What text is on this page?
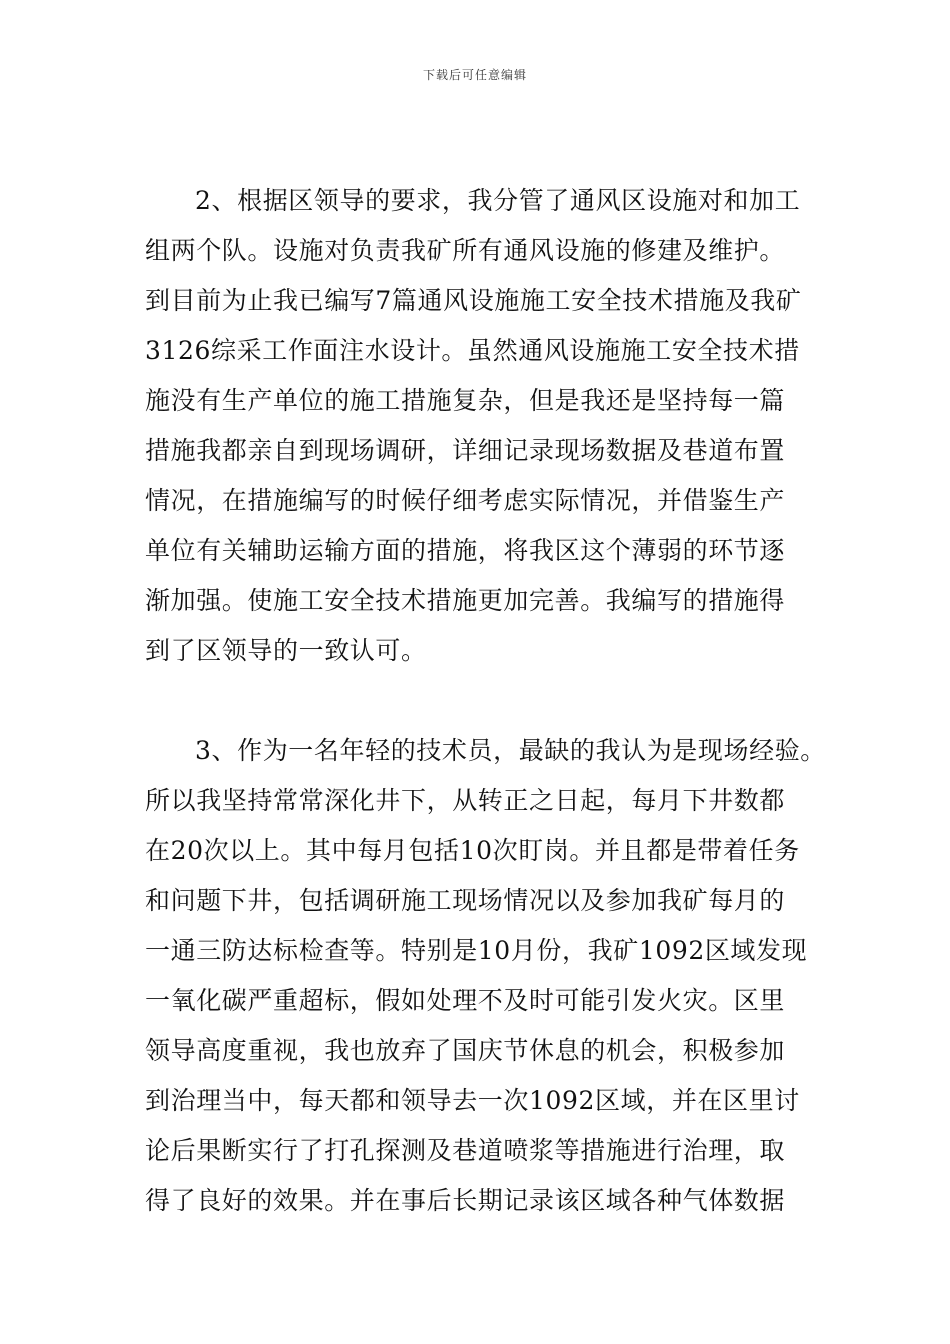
下载后可任意编辑

2、根据区领导的要求，我分管了通风区设施对和加工

组两个队。设施对负责我矿所有通风设施的修建及维护。

到目前为止我已编写7篇通风设施施工安全技术措施及我矿

3126综采工作面注水设计。虽然通风设施施工安全技术措

施没有生产单位的施工措施复杂，但是我还是坚持每一篇

措施我都亲自到现场调研，详细记录现场数据及巷道布置

情况，在措施编写的时候仔细考虑实际情况，并借鉴生产

单位有关辅助运输方面的措施，将我区这个薄弱的环节逐

渐加强。使施工安全技术措施更加完善。我编写的措施得

到了区领导的一致认可。

3、作为一名年轻的技术员，最缺的我认为是现场经验。

所以我坚持常常深化井下，从转正之日起，每月下井数都

在20次以上。其中每月包括10次盯岗。并且都是带着任务

和问题下井，包括调研施工现场情况以及参加我矿每月的

一通三防达标检查等。特别是10月份，我矿1092区域发现

一氧化碳严重超标，假如处理不及时可能引发火灾。区里

领导高度重视，我也放弃了国庆节休息的机会，积极参加

到治理当中，每天都和领导去一次1092区域，并在区里讨

论后果断实行了打孔探测及巷道喷浆等措施进行治理，取

得了良好的效果。并在事后长期记录该区域各种气体数据
